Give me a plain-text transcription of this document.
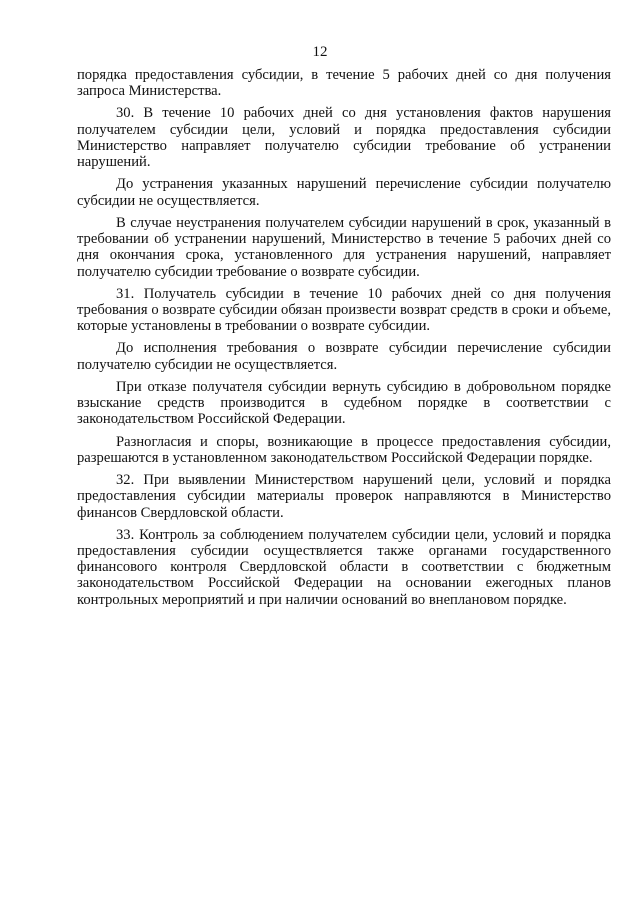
12

порядка предоставления субсидии, в течение 5 рабочих дней со дня получения запроса Министерства.

30. В течение 10 рабочих дней со дня установления фактов нарушения получателем субсидии цели, условий и порядка предоставления субсидии Министерство направляет получателю субсидии требование об устранении нарушений.

До устранения указанных нарушений перечисление субсидии получателю субсидии не осуществляется.

В случае неустранения получателем субсидии нарушений в срок, указанный в требовании об устранении нарушений, Министерство в течение 5 рабочих дней со дня окончания срока, установленного для устранения нарушений, направляет получателю субсидии требование о возврате субсидии.

31. Получатель субсидии в течение 10 рабочих дней со дня получения требования о возврате субсидии обязан произвести возврат средств в сроки и объеме, которые установлены в требовании о возврате субсидии.

До исполнения требования о возврате субсидии перечисление субсидии получателю субсидии не осуществляется.

При отказе получателя субсидии вернуть субсидию в добровольном порядке взыскание средств производится в судебном порядке в соответствии с законодательством Российской Федерации.

Разногласия и споры, возникающие в процессе предоставления субсидии, разрешаются в установленном законодательством Российской Федерации порядке.

32. При выявлении Министерством нарушений цели, условий и порядка предоставления субсидии материалы проверок направляются в Министерство финансов Свердловской области.

33. Контроль за соблюдением получателем субсидии цели, условий и порядка предоставления субсидии осуществляется также органами государственного финансового контроля Свердловской области в соответствии с бюджетным законодательством Российской Федерации на основании ежегодных планов контрольных мероприятий и при наличии оснований во внеплановом порядке.
